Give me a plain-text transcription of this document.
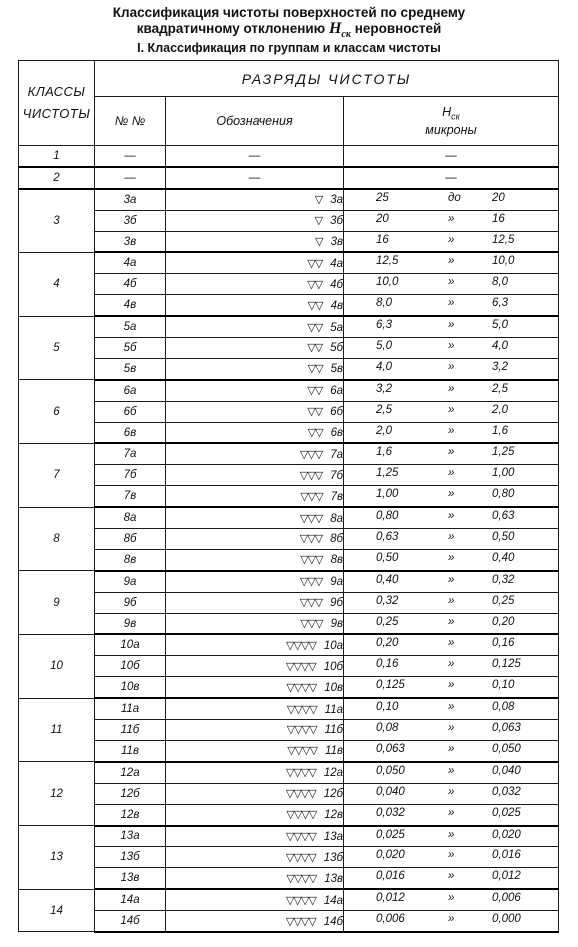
Классификация чистоты поверхностей по среднему
квадратичному отклонению $H_{ск}$ неровностей
I. Классификация по группам и классам чистоты
КЛАССЫ
ЧИСТОТЫ	РАЗРЯДЫ ЧИСТОТЫ		
	№ №	Обозначения	$H_{ск}$
микроны

1	—	—	—
2	—	—	—
3	3а	▽ 3а	25 до 20

	3б	▽ 3б	20 » 16

	3в	▽ 3в	16 » 12,5

4	4а	▽▽ 4а	12,5 » 10,0

	4б	▽▽ 4б	10,0 » 8,0

	4в	▽▽ 4в	8,0 » 6,3

5	5а	▽▽ 5а	6,3 » 5,0

	5б	▽▽ 5б	5,0 » 4,0

	5в	▽▽ 5в	4,0 » 3,2

6	6а	▽▽ 6а	3,2 » 2,5

	6б	▽▽ 6б	2,5 » 2,0

	6в	▽▽ 6в	2,0 » 1,6

7	7а	▽▽▽ 7а	1,6 » 1,25

	7б	▽▽▽ 7б	1,25 » 1,00

	7в	▽▽▽ 7в	1,00 » 0,80

8	8а	▽▽▽ 8а	0,80 » 0,63

	8б	▽▽▽ 8б	0,63 » 0,50

	8в	▽▽▽ 8в	0,50 » 0,40

9	9а	▽▽▽ 9а	0,40 » 0,32

	9б	▽▽▽ 9б	0,32 » 0,25

	9в	▽▽▽ 9в	0,25 » 0,20

10	10а	▽▽▽▽ 10а	0,20 » 0,16

	10б	▽▽▽▽ 10б	0,16 » 0,125

	10в	▽▽▽▽ 10в	0,125 » 0,10

11	11а	▽▽▽▽ 11а	0,10 » 0,08

	11б	▽▽▽▽ 11б	0,08 » 0,063

	11в	▽▽▽▽ 11в	0,063 » 0,050

12	12а	▽▽▽▽ 12а	0,050 » 0,040

	12б	▽▽▽▽ 12б	0,040 » 0,032

	12в	▽▽▽▽ 12в	0,032 » 0,025

13	13а	▽▽▽▽ 13а	0,025 » 0,020

	13б	▽▽▽▽ 13б	0,020 » 0,016

	13в	▽▽▽▽ 13в	0,016 » 0,012

14	14а	▽▽▽▽ 14а	0,012 » 0,006

	14б	▽▽▽▽ 14б	0,006 » 0,000
